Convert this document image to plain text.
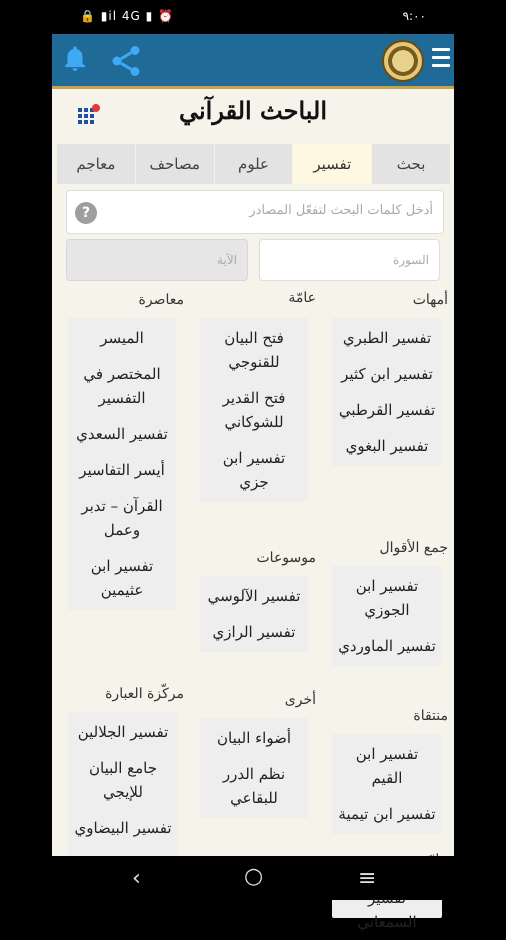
🔒 ▮il 4G ▮ ⏰	٩:٠٠
الباحث القرآني
بحث
تفسير
علوم
مصاحف
معاجم
أدخل كلمات البحث لتفعّل المصادر
?
السورة
الآية
أمهات
تفسير الطبري
تفسير ابن كثير
تفسير القرطبي
تفسير البغوي
عامّة
فتح البيان للقنوجي
فتح القدير للشوكاني
تفسير ابن جزي
معاصرة
الميسر
المختصر في التفسير
تفسير السعدي
أيسر التفاسير
القرآن – تدبر وعمل
تفسير ابن عثيمين
جمع الأقوال
تفسير ابن الجوزي
تفسير الماوردي
موسوعات
تفسير الآلوسي
تفسير الرازي
منتقاة
تفسير ابن القيم
تفسير ابن تيمية
أخرى
أضواء البيان
نظم الدرر للبقاعي
مركّزة العبارة
تفسير الجلالين
جامع البيان للإيجي
تفسير البيضاوي
السمعاني
‹	○	≡
